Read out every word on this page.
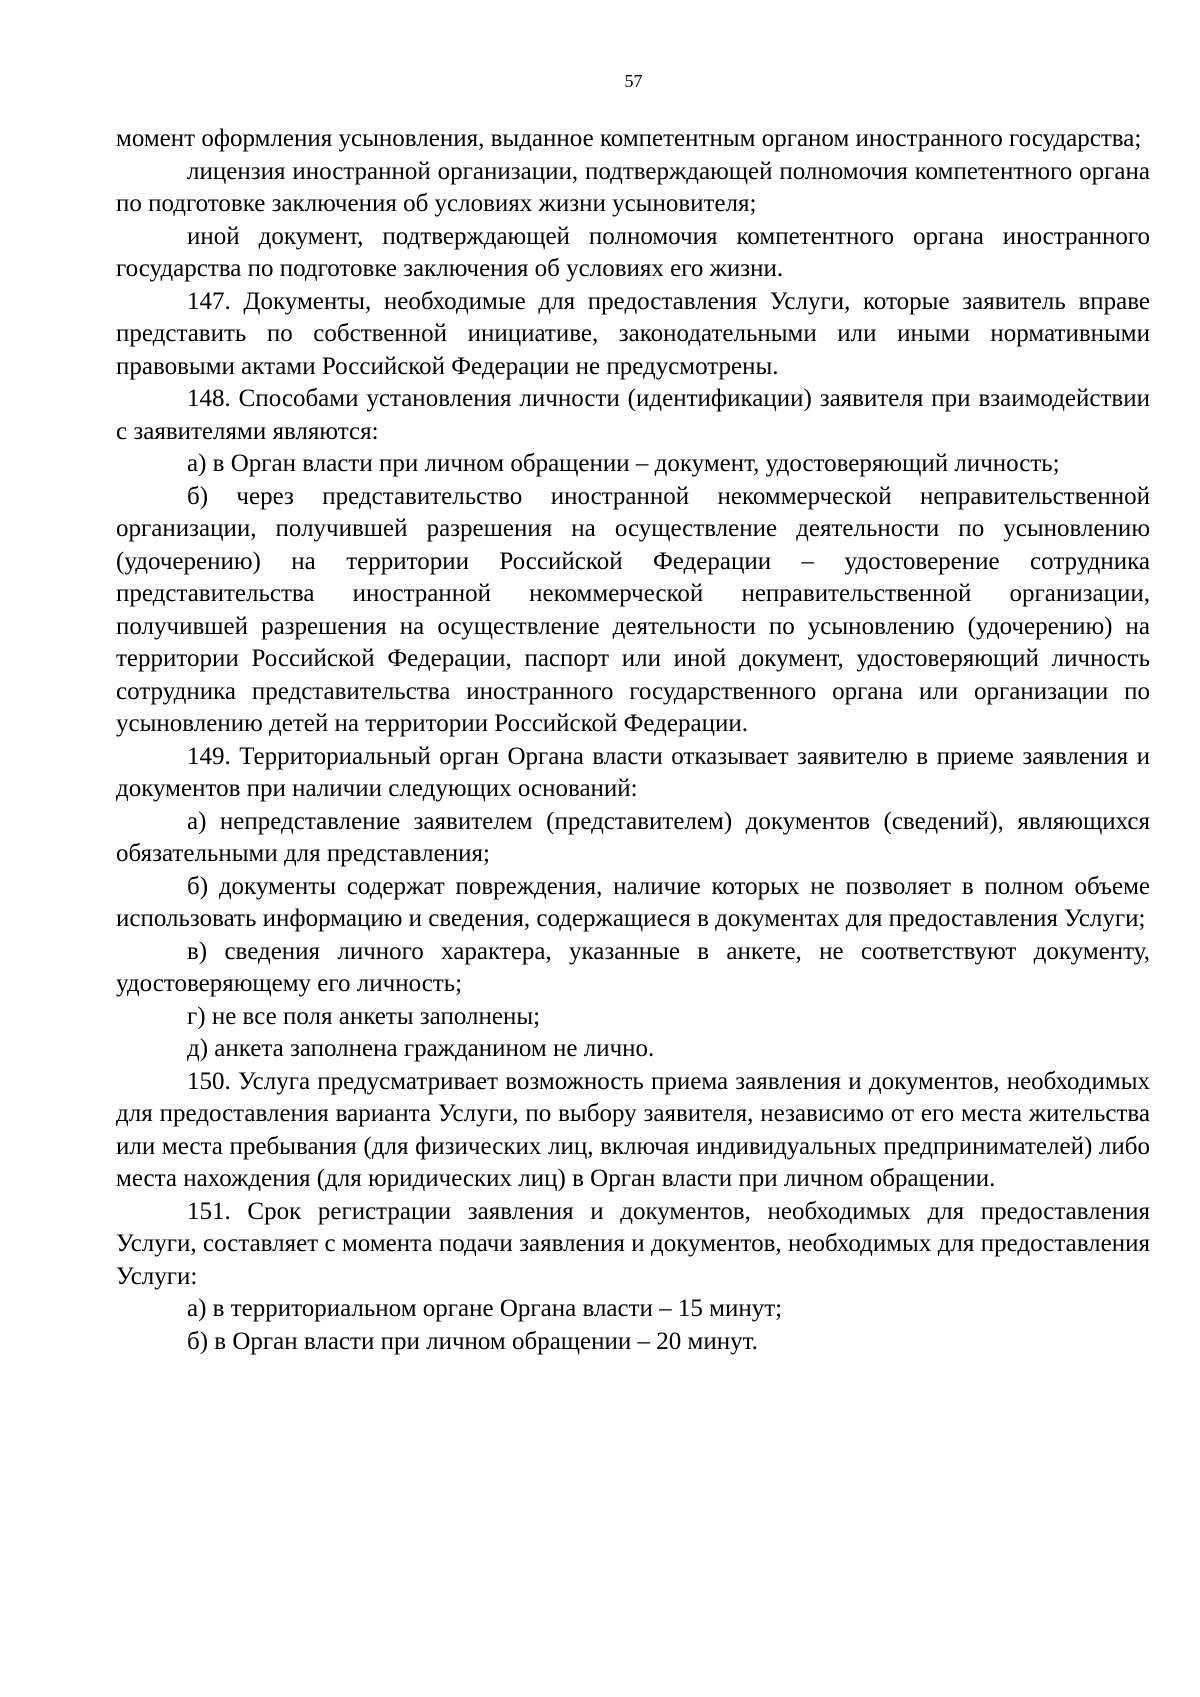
57

момент оформления усыновления, выданное компетентным органом иностранного государства;

лицензия иностранной организации, подтверждающей полномочия компетентного органа по подготовке заключения об условиях жизни усыновителя;

иной документ, подтверждающей полномочия компетентного органа иностранного государства по подготовке заключения об условиях его жизни.

147. Документы, необходимые для предоставления Услуги, которые заявитель вправе представить по собственной инициативе, законодательными или иными нормативными правовыми актами Российской Федерации не предусмотрены.

148. Способами установления личности (идентификации) заявителя при взаимодействии с заявителями являются:

а) в Орган власти при личном обращении – документ, удостоверяющий личность;

б) через представительство иностранной некоммерческой неправительственной организации, получившей разрешения на осуществление деятельности по усыновлению (удочерению) на территории Российской Федерации – удостоверение сотрудника представительства иностранной некоммерческой неправительственной организации, получившей разрешения на осуществление деятельности по усыновлению (удочерению) на территории Российской Федерации, паспорт или иной документ, удостоверяющий личность сотрудника представительства иностранного государственного органа или организации по усыновлению детей на территории Российской Федерации.

149. Территориальный орган Органа власти отказывает заявителю в приеме заявления и документов при наличии следующих оснований:

а) непредставление заявителем (представителем) документов (сведений), являющихся обязательными для представления;

б) документы содержат повреждения, наличие которых не позволяет в полном объеме использовать информацию и сведения, содержащиеся в документах для предоставления Услуги;

в) сведения личного характера, указанные в анкете, не соответствуют документу, удостоверяющему его личность;

г) не все поля анкеты заполнены;

д) анкета заполнена гражданином не лично.

150. Услуга предусматривает возможность приема заявления и документов, необходимых для предоставления варианта Услуги, по выбору заявителя, независимо от его места жительства или места пребывания (для физических лиц, включая индивидуальных предпринимателей) либо места нахождения (для юридических лиц) в Орган власти при личном обращении.

151. Срок регистрации заявления и документов, необходимых для предоставления Услуги, составляет с момента подачи заявления и документов, необходимых для предоставления Услуги:

а) в территориальном органе Органа власти – 15 минут;

б) в Орган власти при личном обращении – 20 минут.
